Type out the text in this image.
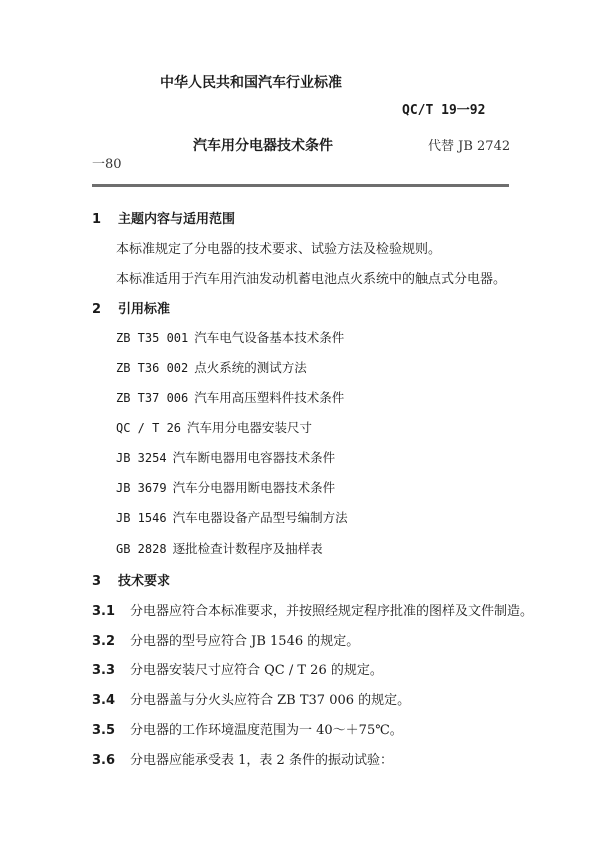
中华人民共和国汽车行业标准
QC/T 19一92
汽车用分电器技术条件	代替 JB 2742
一80
1 主题内容与适用范围
本标准规定了分电器的技术要求、试验方法及检验规则。
本标准适用于汽车用汽油发动机蓄电池点火系统中的触点式分电器。
2 引用标准
ZB T35 001 汽车电气设备基本技术条件
ZB T36 002 点火系统的测试方法
ZB T37 006 汽车用高压塑料件技术条件
QC / T 26 汽车用分电器安装尺寸
JB 3254 汽车断电器用电容器技术条件
JB 3679 汽车分电器用断电器技术条件
JB 1546 汽车电器设备产品型号编制方法
GB 2828 逐批检查计数程序及抽样表
3 技术要求
3.1 分电器应符合本标准要求，并按照经规定程序批准的图样及文件制造。
3.2 分电器的型号应符合 JB 1546 的规定。
3.3 分电器安装尺寸应符合 QC / T 26 的规定。
3.4 分电器盖与分火头应符合 ZB T37 006 的规定。
3.5 分电器的工作环境温度范围为一 40～＋75℃。
3.6 分电器应能承受表 1，表 2 条件的振动试验：
